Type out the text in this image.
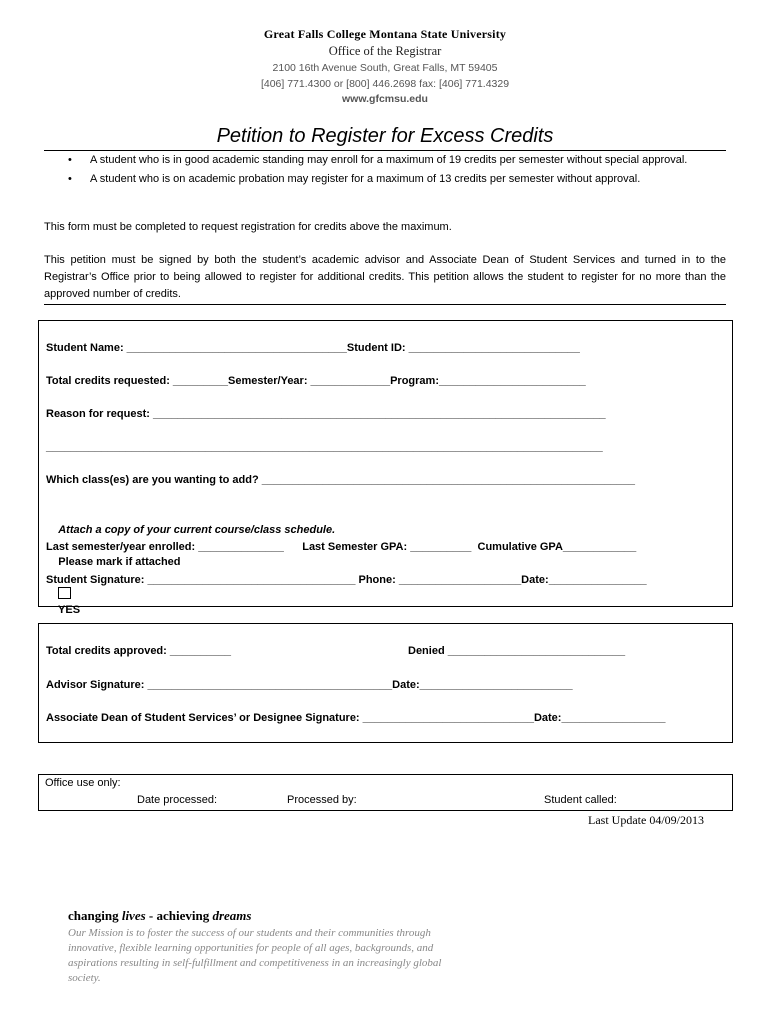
Great Falls College Montana State University
Office of the Registrar
2100 16th Avenue South, Great Falls, MT 59405
[406] 771.4300 or [800] 446.2698 fax: [406] 771.4329
www.gfcmsu.edu
Petition to Register for Excess Credits
• A student who is in good academic standing may enroll for a maximum of 19 credits per semester without special approval.
• A student who is on academic probation may register for a maximum of 13 credits per semester without approval.

This form must be completed to request registration for credits above the maximum.

This petition must be signed by both the student’s academic advisor and Associate Dean of Student Services and turned in to the Registrar’s Office prior to being allowed to register for additional credits. This petition allows the student to register for no more than the approved number of credits.

Student Name: ____________________________________Student ID: ____________________________
Total credits requested: _________Semester/Year: _____________Program:________________________
Reason for request: __________________________________________________________________________
___________________________________________________________________________________________
Which class(es) are you wanting to add? _____________________________________________________________

Attach a copy of your current course/class schedule.

Please mark if attached

YES

Last semester/year enrolled: ______________      Last Semester GPA: __________  Cumulative GPA____________
Student Signature: __________________________________ Phone: ____________________Date:________________
Total credits approved: __________	Denied _____________________________
Advisor Signature: ________________________________________Date:_________________________
Associate Dean of Student Services’ or Designee Signature: ____________________________Date:_________________
Office use only:
Date processed:	Processed by:	Student called:
Last Update 04/09/2013
changing lives - achieving dreams

Our Mission is to foster the success of our students and their communities through innovative, flexible learning opportunities for people of all ages, backgrounds, and aspirations resulting in self-fulfillment and competitiveness in an increasingly global society.
